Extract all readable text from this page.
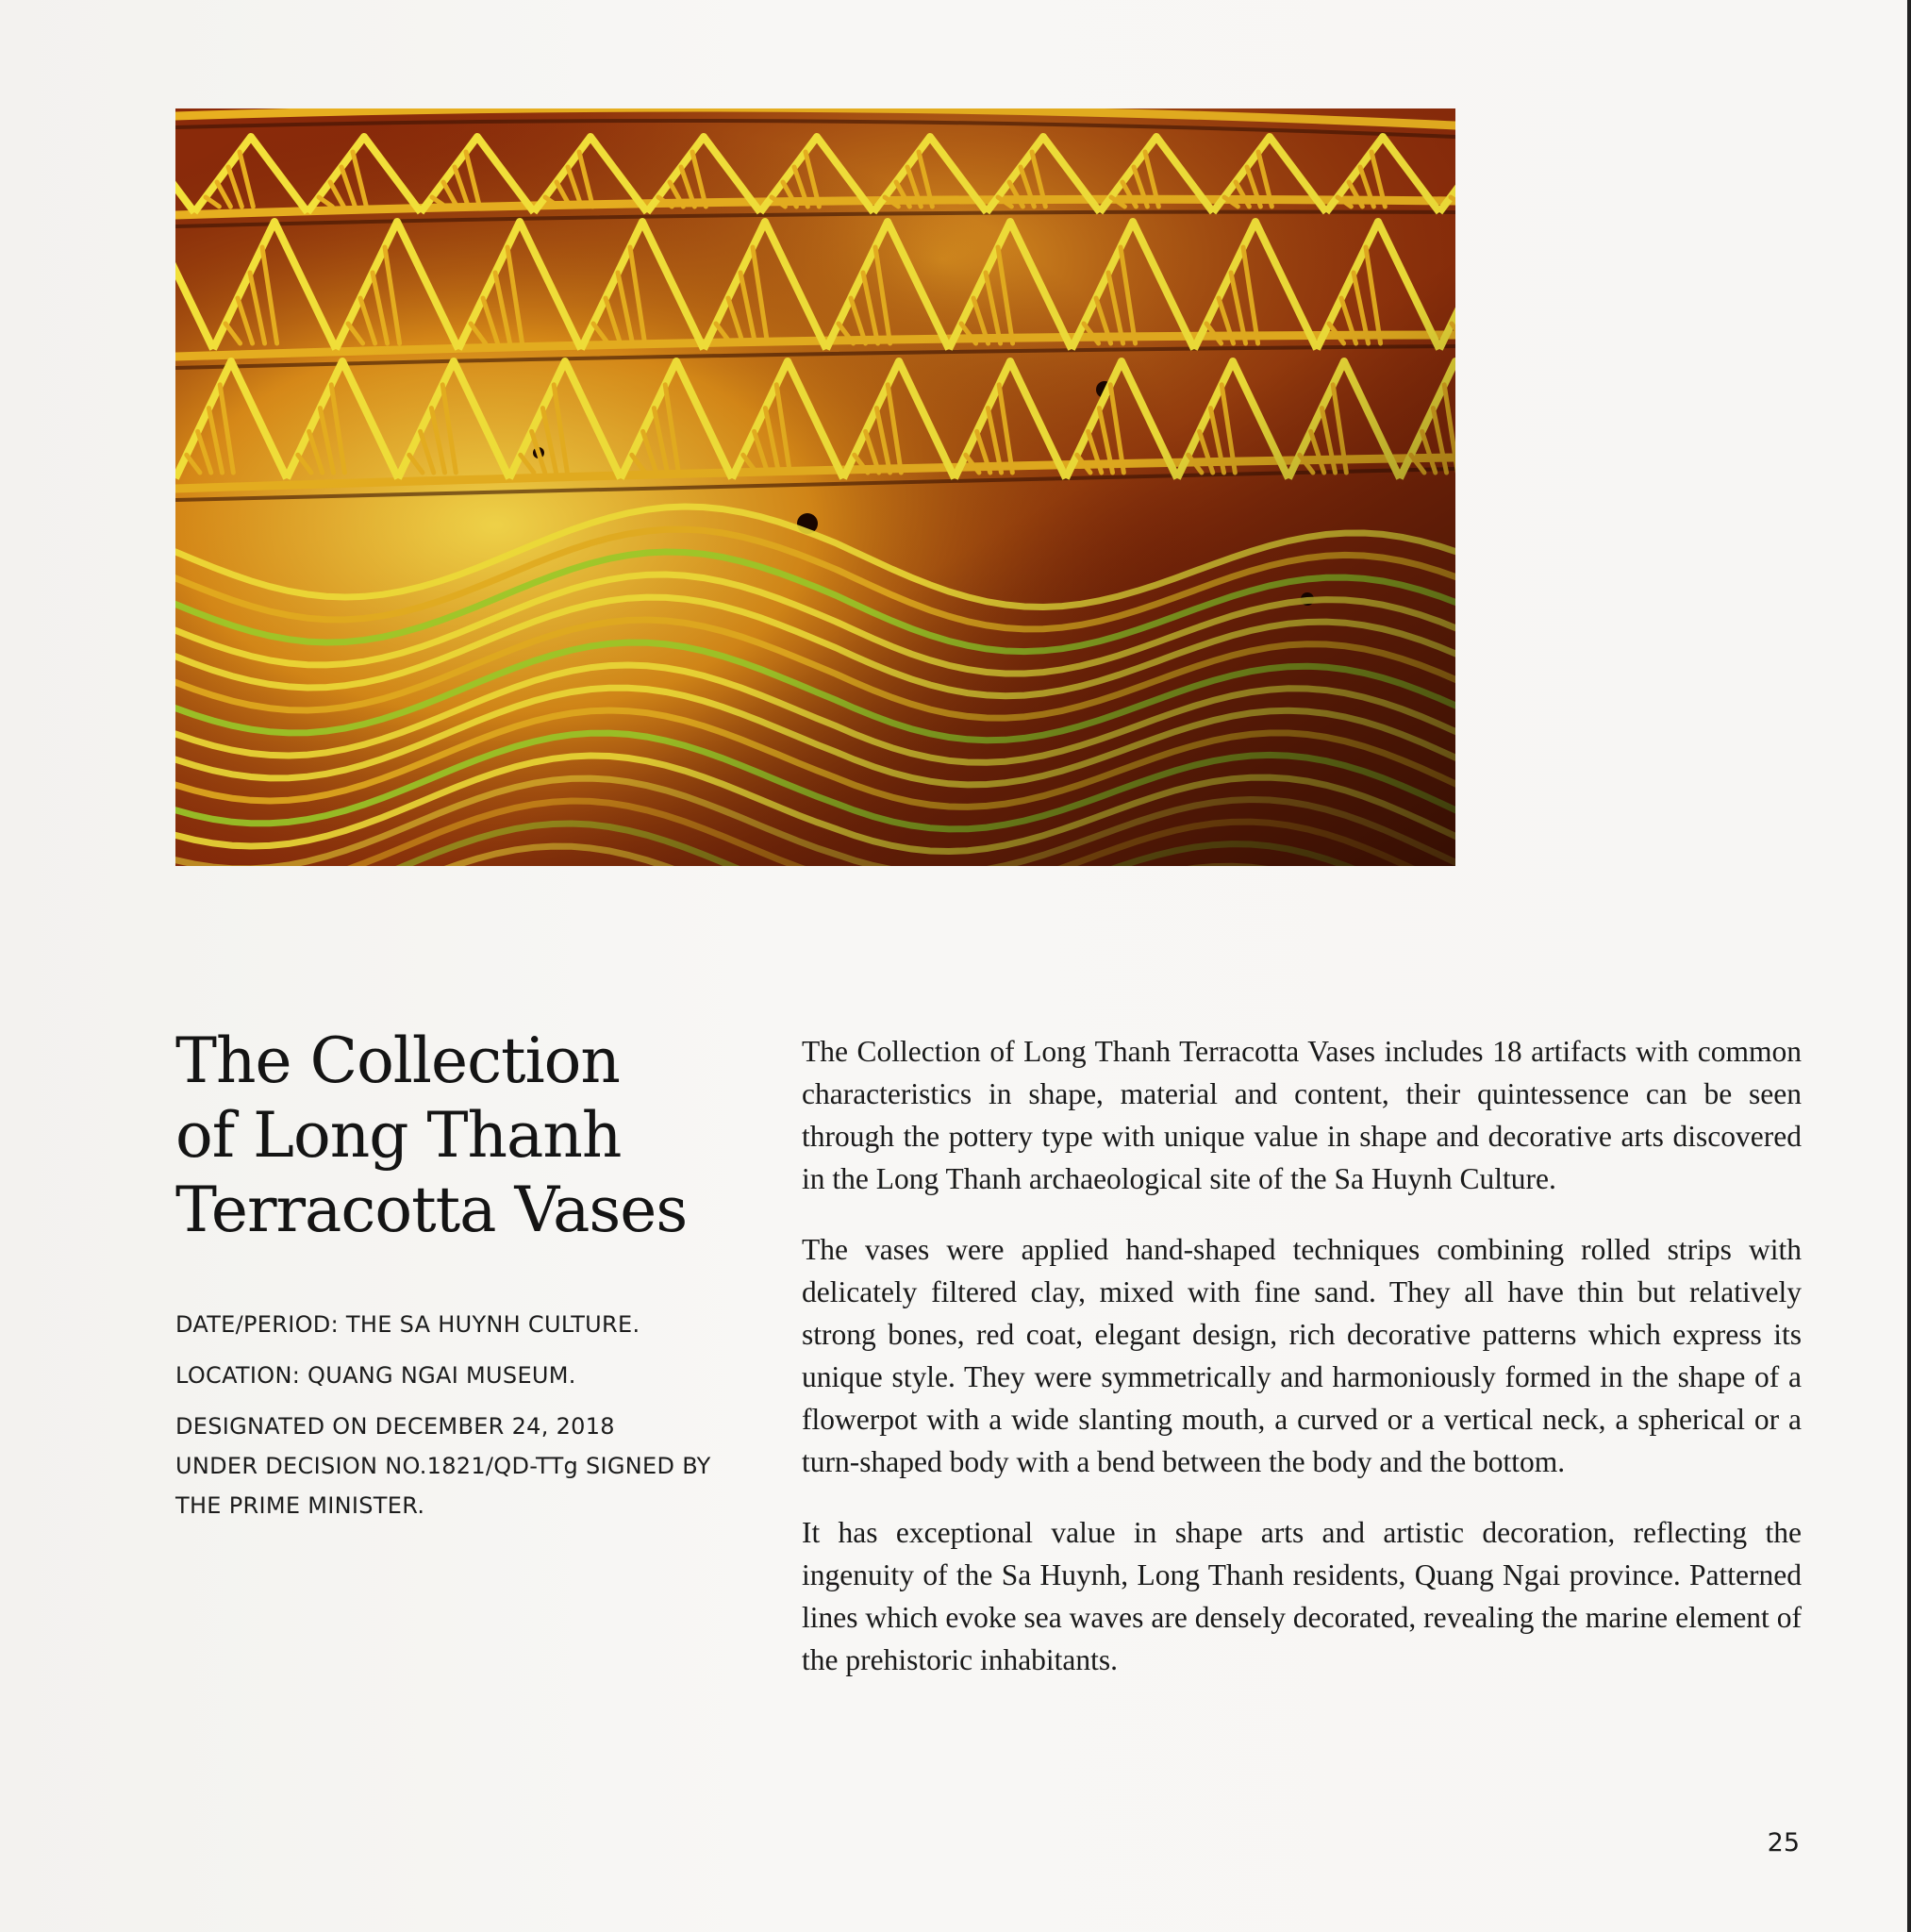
The Collection
of Long Thanh
Terracotta Vases
DATE/PERIOD: THE SA HUYNH CULTURE.
LOCATION: QUANG NGAI MUSEUM.
DESIGNATED ON DECEMBER 24, 2018
UNDER DECISION NO.1821/QD-TTg SIGNED BY
THE PRIME MINISTER.

The Collection of Long Thanh Terracotta Vases includes 18 artifacts with common characteristics in shape, material and content, their quintessence can be seen through the pottery type with unique value in shape and decorative arts discovered in the Long Thanh archaeological site of the Sa Huynh Culture.

The vases were applied hand-shaped techniques combining rolled strips with delicately filtered clay, mixed with fine sand. They all have thin but relatively strong bones, red coat, elegant design, rich decorative patterns which express its unique style. They were symmetrically and harmoniously formed in the shape of a flowerpot with a wide slanting mouth, a curved or a vertical neck, a spherical or a turn-shaped body with a bend between the body and the bottom.

It has exceptional value in shape arts and artistic decoration, reflecting the ingenuity of the Sa Huynh, Long Thanh residents, Quang Ngai province. Patterned lines which evoke sea waves are densely decorated, revealing the marine element of the prehistoric inhabitants.

25
